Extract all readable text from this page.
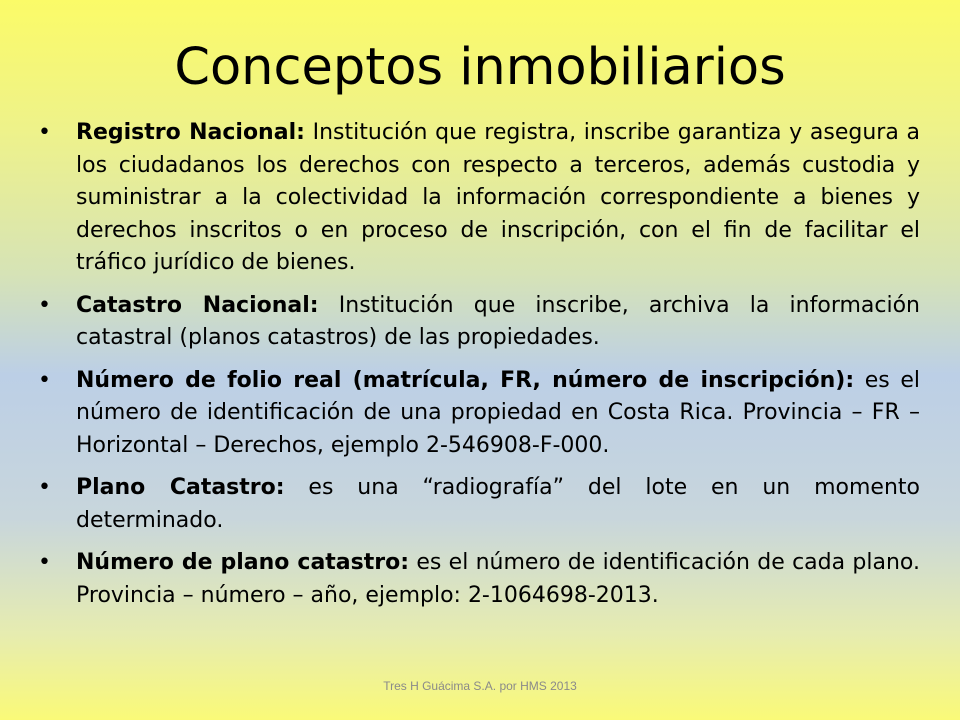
Conceptos inmobiliarios
• Registro Nacional: Institución que registra, inscribe garantiza y asegura a los ciudadanos los derechos con respecto a terceros, además custodia y suministrar a la colectividad la información correspondiente a bienes y derechos inscritos o en proceso de inscripción, con el fin de facilitar el tráfico jurídico de bienes.
• Catastro Nacional: Institución que inscribe, archiva la información catastral (planos catastros) de las propiedades.
• Número de folio real (matrícula, FR, número de inscripción): es el número de identificación de una propiedad en Costa Rica. Provincia – FR – Horizontal – Derechos, ejemplo 2-546908-F-000.
• Plano Catastro: es una “radiografía” del lote en un momento determinado.
• Número de plano catastro: es el número de identificación de cada plano. Provincia – número – año, ejemplo: 2-1064698-2013.
Tres H Guácima S.A. por HMS 2013
